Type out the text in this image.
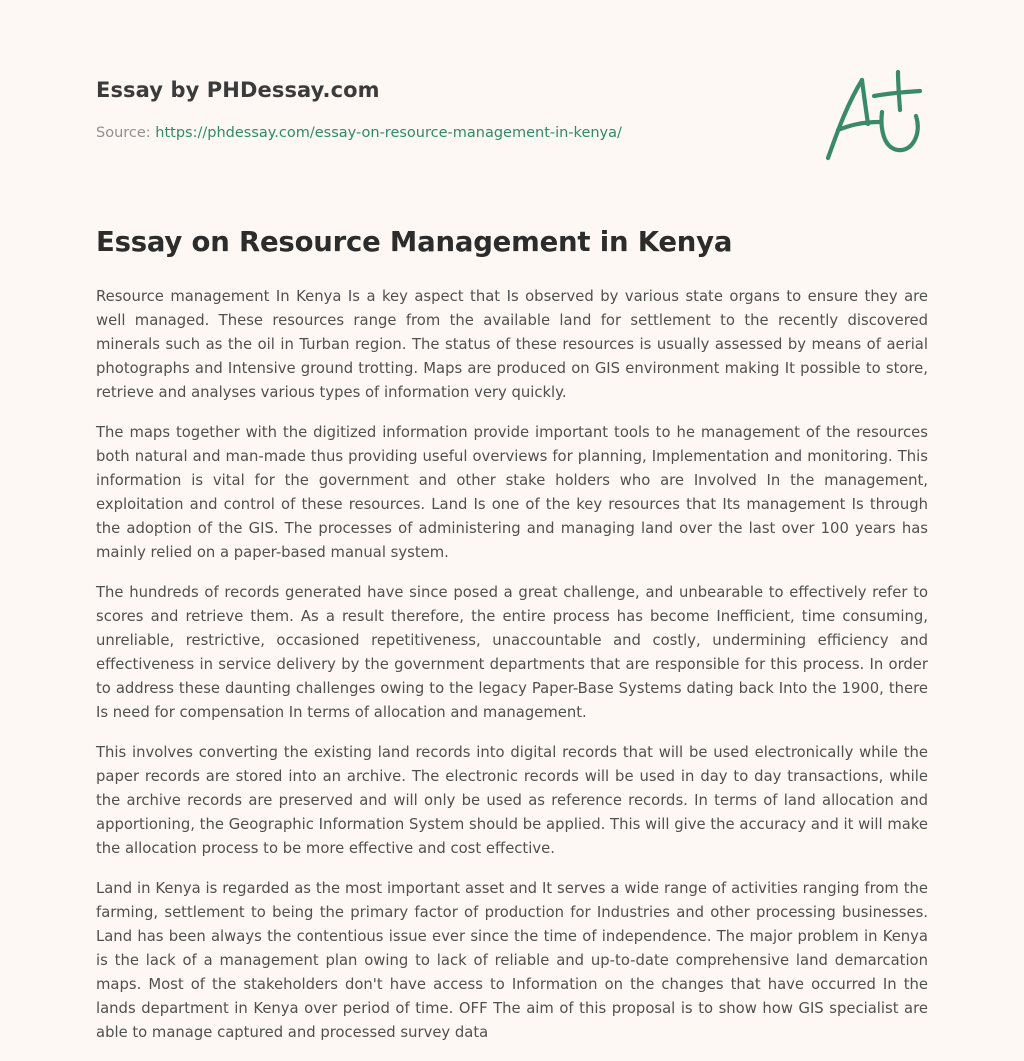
Essay by PHDessay.com
Source: https://phdessay.com/essay-on-resource-management-in-kenya/
Essay on Resource Management in Kenya

Resource management In Kenya Is a key aspect that Is observed by various state organs to ensure they are well managed. These resources range from the available land for settlement to the recently discovered minerals such as the oil in Turban region. The status of these resources is usually assessed by means of aerial photographs and Intensive ground trotting. Maps are produced on GIS environment making It possible to store, retrieve and analyses various types of information very quickly.

The maps together with the digitized information provide important tools to he management of the resources both natural and man-made thus providing useful overviews for planning, Implementation and monitoring. This information is vital for the government and other stake holders who are Involved In the management, exploitation and control of these resources. Land Is one of the key resources that Its management Is through the adoption of the GIS. The processes of administering and managing land over the last over 100 years has mainly relied on a paper-based manual system.

The hundreds of records generated have since posed a great challenge, and unbearable to effectively refer to scores and retrieve them. As a result therefore, the entire process has become Inefficient, time consuming, unreliable, restrictive, occasioned repetitiveness, unaccountable and costly, undermining efficiency and effectiveness in service delivery by the government departments that are responsible for this process. In order to address these daunting challenges owing to the legacy Paper-Base Systems dating back Into the 1900, there Is need for compensation In terms of allocation and management.

This involves converting the existing land records into digital records that will be used electronically while the paper records are stored into an archive. The electronic records will be used in day to day transactions, while the archive records are preserved and will only be used as reference records. In terms of land allocation and apportioning, the Geographic Information System should be applied. This will give the accuracy and it will make the allocation process to be more effective and cost effective.

Land in Kenya is regarded as the most important asset and It serves a wide range of activities ranging from the farming, settlement to being the primary factor of production for Industries and other processing businesses. Land has been always the contentious issue ever since the time of independence. The major problem in Kenya is the lack of a management plan owing to lack of reliable and up-to-date comprehensive land demarcation maps. Most of the stakeholders don't have access to Information on the changes that have occurred In the lands department in Kenya over period of time. OFF The aim of this proposal is to show how GIS specialist are able to manage captured and processed survey data
